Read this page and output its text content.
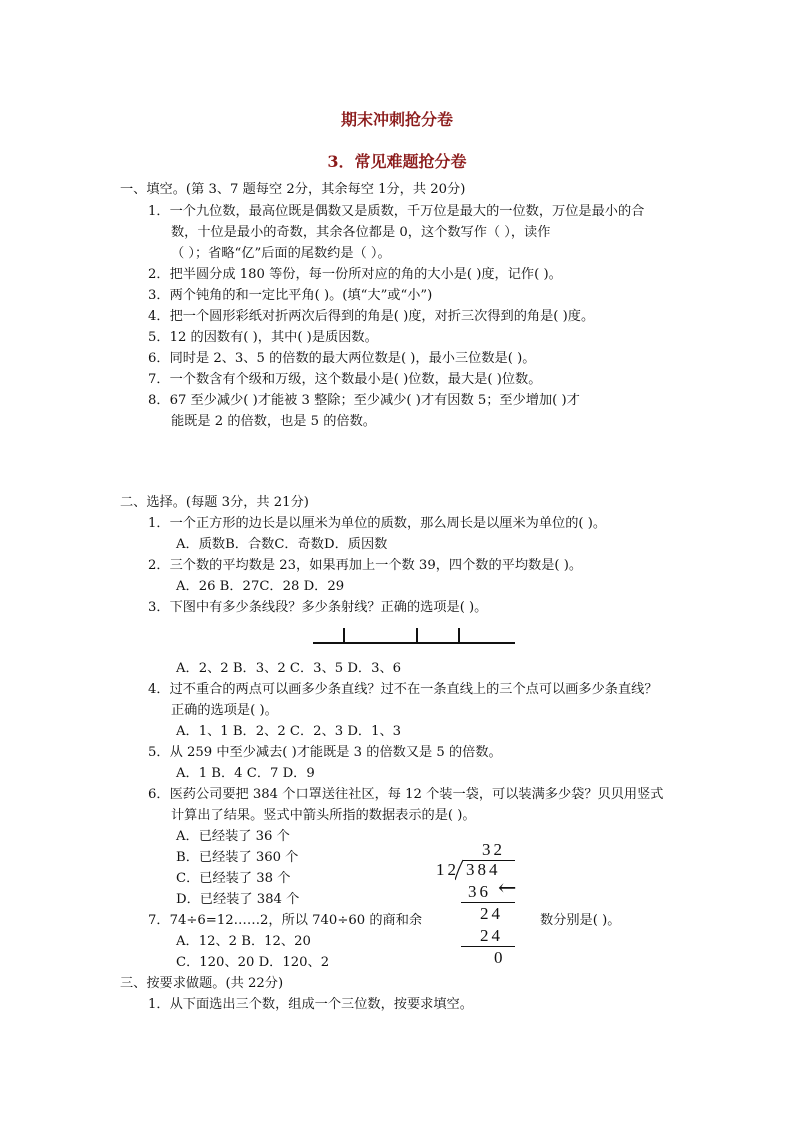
期末冲刺抢分卷
3．常见难题抢分卷
一、填空。(第 3、7 题每空 2分，其余每空 1分，共 20分)
1．一个九位数，最高位既是偶数又是质数，千万位是最大的一位数，万位是最小的合
数，十位是最小的奇数，其余各位都是 0，这个数写作（ ），读作
（ ）；省略“亿”后面的尾数约是（ ）。
2．把半圆分成 180 等份，每一份所对应的角的大小是( )度，记作( )。
3．两个钝角的和一定比平角( )。(填“大”或“小”)
4．把一个圆形彩纸对折两次后得到的角是( )度，对折三次得到的角是( )度。
5．12 的因数有( )，其中( )是质因数。
6．同时是 2、3、5 的倍数的最大两位数是( )，最小三位数是( )。
7．一个数含有个级和万级，这个数最小是( )位数，最大是( )位数。
8．67 至少减少( )才能被 3 整除；至少减少( )才有因数 5；至少增加( )才
能既是 2 的倍数，也是 5 的倍数。
二、选择。(每题 3分，共 21分)
1．一个正方形的边长是以厘米为单位的质数，那么周长是以厘米为单位的( )。
A．质数B．合数C．奇数D．质因数
2．三个数的平均数是 23，如果再加上一个数 39，四个数的平均数是( )。
A．26 B．27C．28 D．29
3．下图中有多少条线段？多少条射线？正确的选项是( )。
A．2、2 B．3、2 C．3、5 D．3、6
4．过不重合的两点可以画多少条直线？过不在一条直线上的三个点可以画多少条直线？
正确的选项是( )。
A．1、1 B．2、2 C．2、3 D．1、3
5．从 259 中至少减去( )才能既是 3 的倍数又是 5 的倍数。
A．1 B．4 C．7 D．9
6．医药公司要把 384 个口罩送往社区，每 12 个装一袋，可以装满多少袋？贝贝用竖式
计算出了结果。竖式中箭头所指的数据表示的是( )。
A．已经装了 36 个
B．已经装了 360 个
C．已经装了 38 个
D．已经装了 384 个
7．74÷6=12……2，所以 740÷60 的商和余	数分别是( )。
A．12、2 B．12、20
C．120、20 D．120、2
32
12 384
36 ←
24
24
0
三、按要求做题。(共 22分)
1．从下面选出三个数，组成一个三位数，按要求填空。
